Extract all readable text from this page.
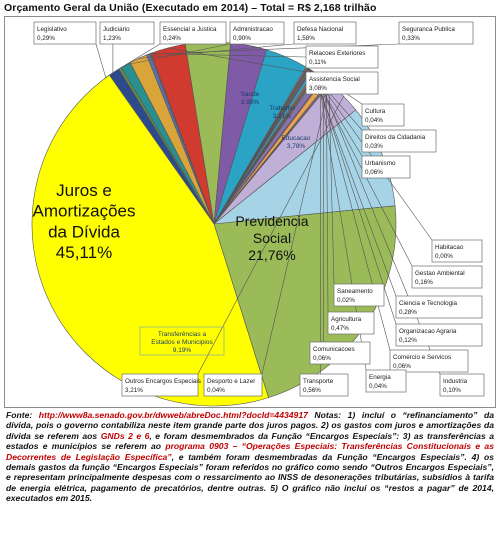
Orçamento Geral da União (Executado em 2014) – Total = R$ 2,168 trilhão
Legislativo 0,29%
Judiciario 1,23%
Essencial a Justica 0,24%
Administracao 0,90%
Defesa Nacional 1,58%
Seguranca Publica 0,33%
Relacoes Exteriores 0,11%
Assistencia Social 3,08%
Saude 3,98%
Trabalho 3,21%
Educacao 3,78%
Cultura 0,04%
Direitos da Cidadania 0,03%
Urbanismo 0,06%
Habitacao 0,00%
Gestao Ambiental 0,16%
Ciencia e Tecnologia 0,28%
Organizacao Agraria 0,12%
Comercio e Servicos 0,06%
Industria 0,10%
Energia 0,04%
Transporte 0,56%
Comunicacoes 0,06%
Agricultura 0,47%
Saneamento 0,02%
Desporto e Lazer 0,04%
Outros Encargos Especiais 3,21%
Transferências a Estados e Municipios 9,19%
Previdencia Social 21,76%
Juros e Amortizações da Dívida 45,11%
Fonte: http://www8a.senado.gov.br/dwweb/abreDoc.html?docId=4434917 Notas: 1) incluí o “refinanciamento” da dívida, pois o governo contabiliza neste item grande parte dos juros pagos. 2) os gastos com juros e amortizações da dívida se referem aos GNDs 2 e 6, e foram desmembrados da Função “Encargos Especiais”: 3) as transferências a estados e municípios se referem ao programa 0903 – “Operações Especiais: Transferências Constitucionais e as Decorrentes de Legislação Específica”, e também foram desmembradas da Função “Encargos Especiais”. 4) os demais gastos da função “Encargos Especiais” foram referidos no gráfico como sendo “Outros Encargos Especiais”, e representam principalmente despesas com o ressarcimento ao INSS de desonerações tributárias, subsídios à tarifa de energia elétrica, pagamento de precatórios, dentre outras. 5) O gráfico não inclui os “restos a pagar” de 2014, executados em 2015.
